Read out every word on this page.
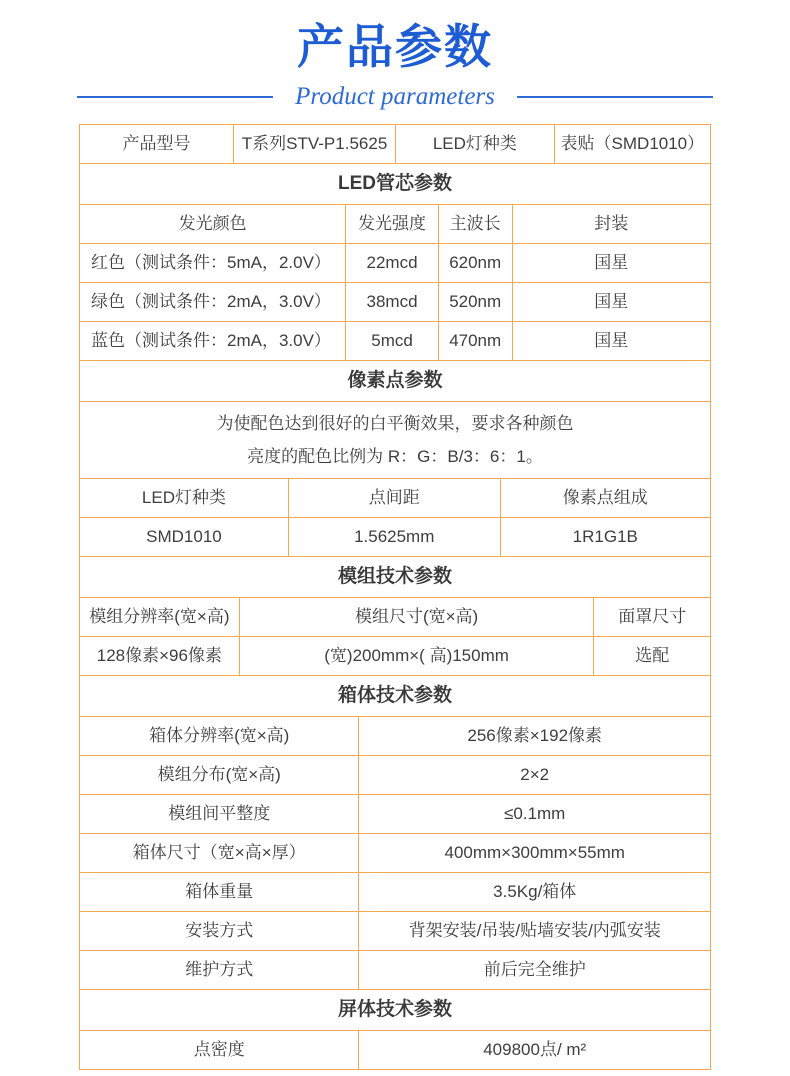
产品参数
Product parameters
产品型号	T系列STV-P1.5625	LED灯种类	表贴（SMD1010）
LED管芯参数
发光颜色	发光强度	主波长	封装
红色（测试条件：5mA，2.0V）	22mcd	620nm	国星
绿色（测试条件：2mA，3.0V）	38mcd	520nm	国星
蓝色（测试条件：2mA，3.0V）	5mcd	470nm	国星
像素点参数
为使配色达到很好的白平衡效果，要求各种颜色
亮度的配色比例为 R：G：B/3：6：1。
LED灯种类	点间距	像素点组成
SMD1010	1.5625mm	1R1G1B
模组技术参数
模组分辨率(宽×高)	模组尺寸(宽×高)	面罩尺寸
128像素×96像素	(宽)200mm×( 高)150mm	选配
箱体技术参数
箱体分辨率(宽×高)	256像素×192像素
模组分布(宽×高)	2×2
模组间平整度	≤0.1mm
箱体尺寸（宽×高×厚）	400mm×300mm×55mm
箱体重量	3.5Kg/箱体
安装方式	背架安装/吊装/贴墙安装/内弧安装
维护方式	前后完全维护
屏体技术参数
点密度	409800点/ m²
